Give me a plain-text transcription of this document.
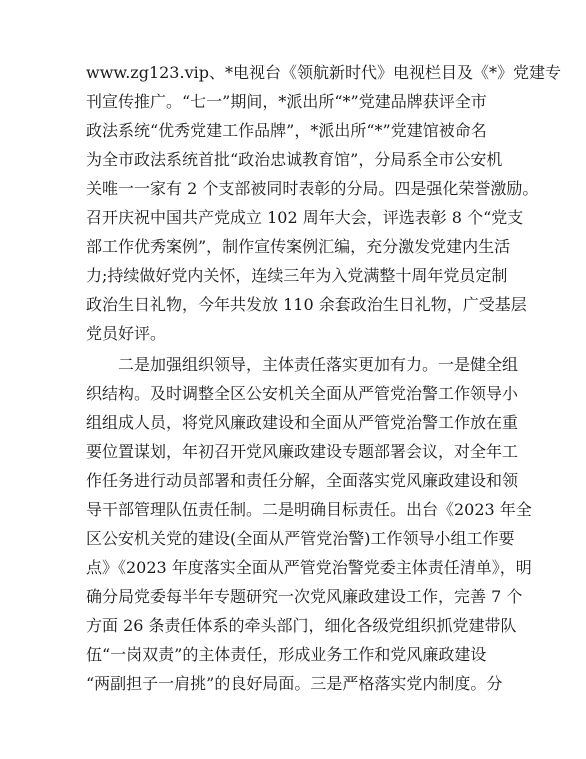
www.zg123.vip、*电视台《领航新时代》电视栏目及《*》党建专
刊宣传推广。“七一”期间，*派出所“*”党建品牌获评全市
政法系统“优秀党建工作品牌”，*派出所“*”党建馆被命名
为全市政法系统首批“政治忠诚教育馆”，分局系全市公安机
关唯一一家有 2 个支部被同时表彰的分局。四是强化荣誉激励。
召开庆祝中国共产党成立 102 周年大会，评选表彰 8 个“党支
部工作优秀案例”，制作宣传案例汇编，充分激发党建内生活
力;持续做好党内关怀，连续三年为入党满整十周年党员定制
政治生日礼物，今年共发放 110 余套政治生日礼物，广受基层
党员好评。
　　二是加强组织领导，主体责任落实更加有力。一是健全组
织结构。及时调整全区公安机关全面从严管党治警工作领导小
组组成人员，将党风廉政建设和全面从严管党治警工作放在重
要位置谋划，年初召开党风廉政建设专题部署会议，对全年工
作任务进行动员部署和责任分解，全面落实党风廉政建设和领
导干部管理队伍责任制。二是明确目标责任。出台《2023 年全
区公安机关党的建设(全面从严管党治警)工作领导小组工作要
点》《2023 年度落实全面从严管党治警党委主体责任清单》，明
确分局党委每半年专题研究一次党风廉政建设工作，完善 7 个
方面 26 条责任体系的牵头部门，细化各级党组织抓党建带队
伍“一岗双责”的主体责任，形成业务工作和党风廉政建设
“两副担子一肩挑”的良好局面。三是严格落实党内制度。分
